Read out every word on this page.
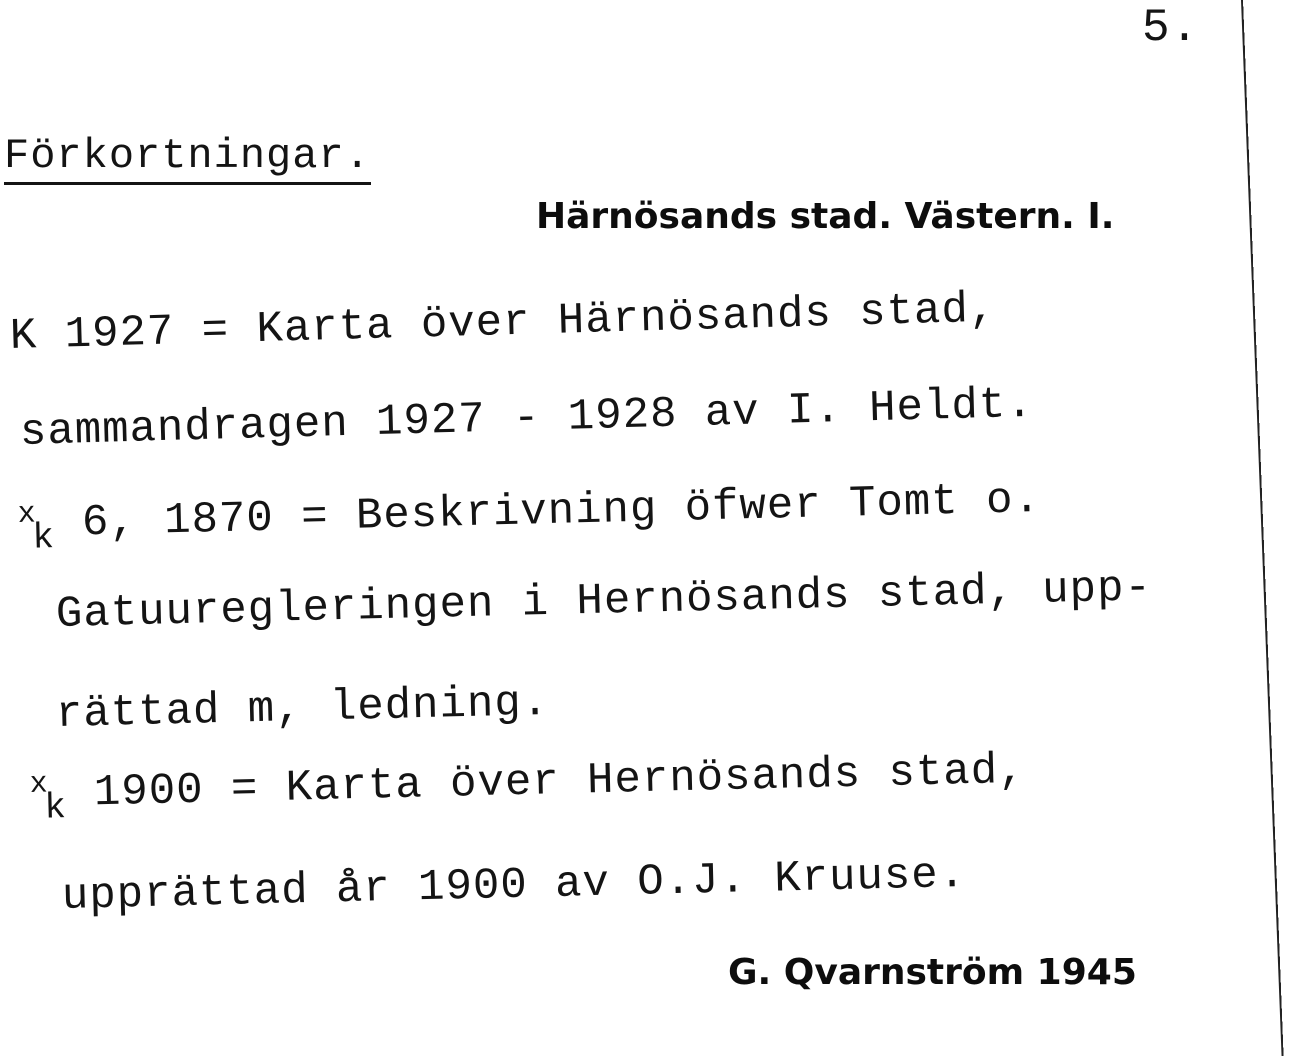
5.
Förkortningar.
Härnösands stad. Västern. I.
K 1927 = Karta över Härnösands stad,
sammandragen 1927 - 1928 av I. Heldt.
$^x_k$ 6, 1870 = Beskrivning öfwer Tomt o.
Gatuuregleringen i Hernösands stad, upp-
rättad m, ledning.
$^x_k$ 1900 = Karta över Hernösands stad,
upprättad år 1900 av O.J. Kruuse.
G. Qvarnström 1945
